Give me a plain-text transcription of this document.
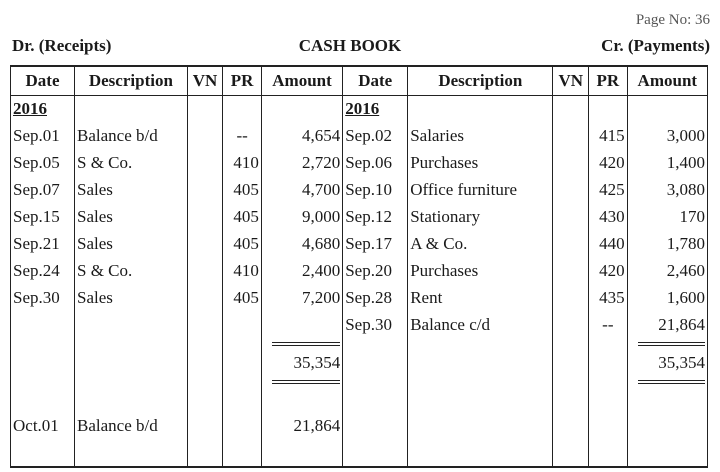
Page No: 36
Dr. (Receipts)	CASH BOOK	Cr. (Payments)
Date	Description	VN	PR	Amount	Date	Description	VN	PR	Amount
2016					2016				
Sep.01	Balance b/d		--	4,654	Sep.02	Salaries		415	3,000
Sep.05	S & Co.		410	2,720	Sep.06	Purchases		420	1,400
Sep.07	Sales		405	4,700	Sep.10	Office furniture		425	3,080
Sep.15	Sales		405	9,000	Sep.12	Stationary		430	170
Sep.21	Sales		405	4,680	Sep.17	A & Co.		440	1,780
Sep.24	S & Co.		410	2,400	Sep.20	Purchases		420	2,460
Sep.30	Sales		405	7,200	Sep.28	Rent		435	1,600
					Sep.30	Balance c/d		--	21,864

				35,354					35,354

Oct.01	Balance b/d			21,864					
